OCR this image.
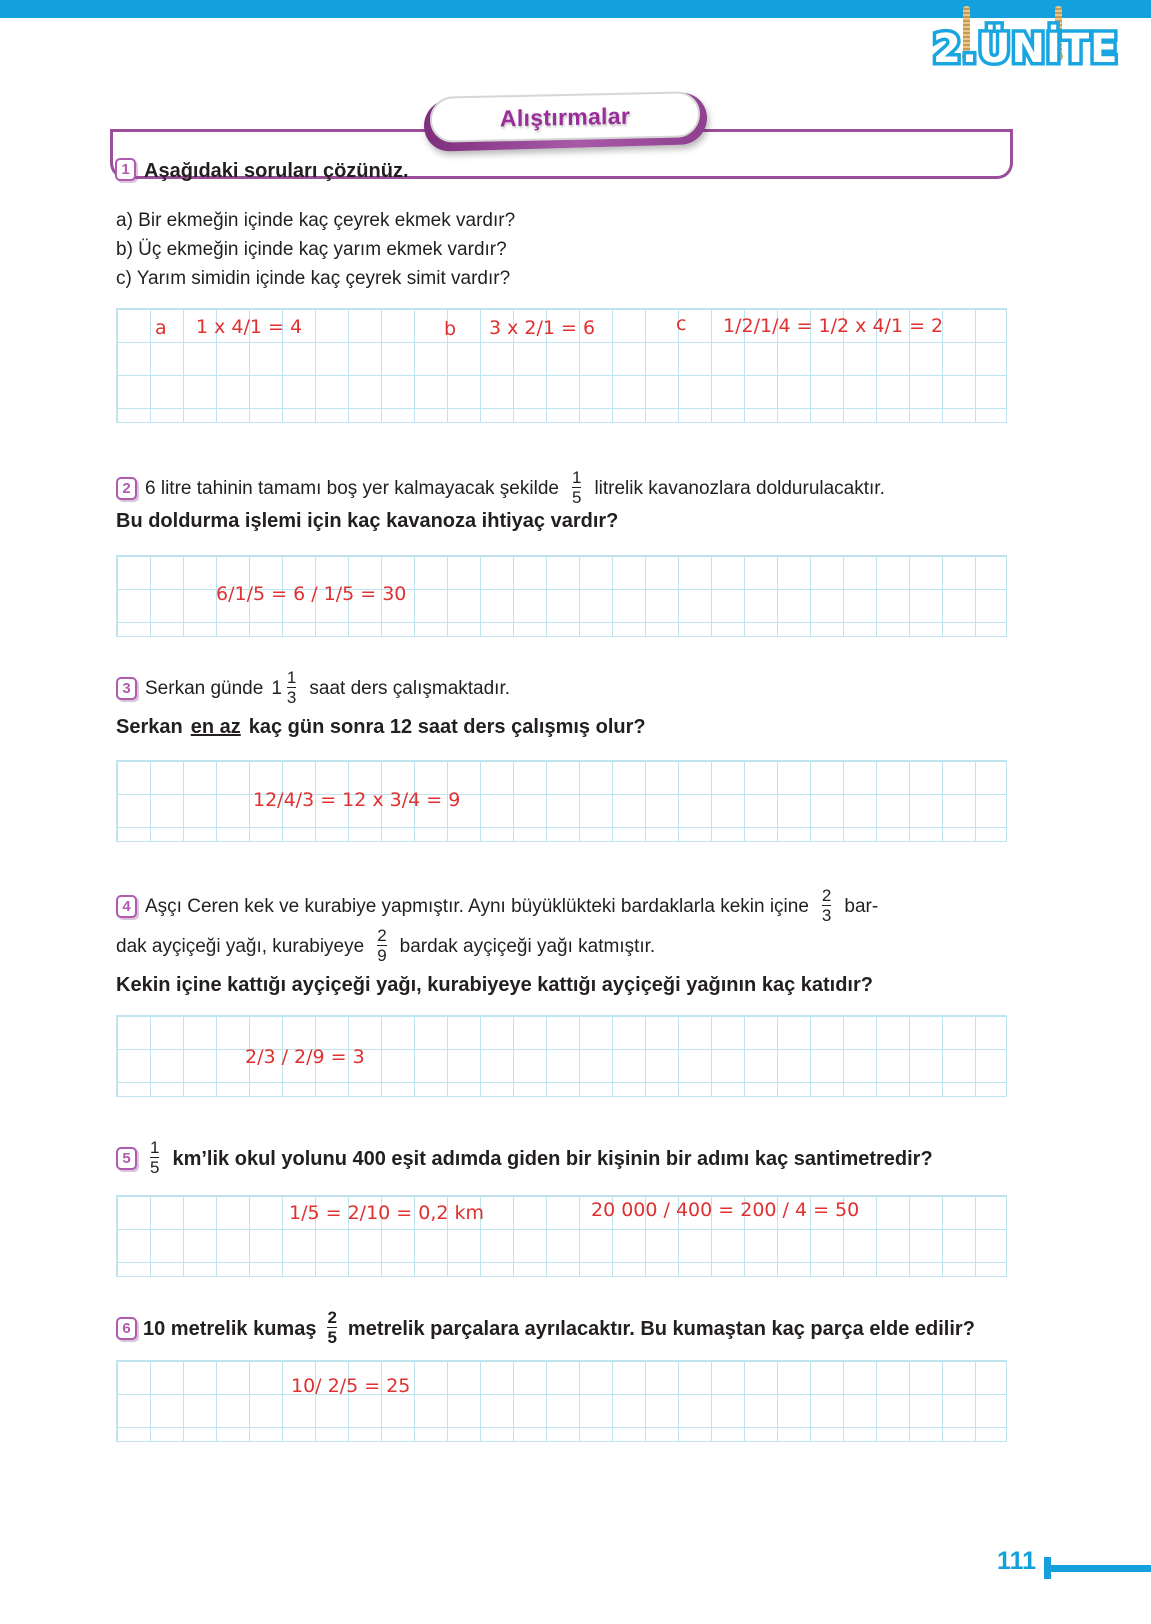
2.ÜNİTE
Alıştırmalar
1 Aşağıdaki soruları çözünüz.
a) Bir ekmeğin içinde kaç çeyrek ekmek vardır?
b) Üç ekmeğin içinde kaç yarım ekmek vardır?
c) Yarım simidin içinde kaç çeyrek simit vardır?
a 1 x 4/1 = 4	b 3 x 2/1 = 6	c 1/2/1/4 = 1/2 x 4/1 = 2
2 6 litre tahinin tamamı boş yer kalmayacak şekilde $\frac{1}{5}$ litrelik kavanozlara doldurulacaktır.
Bu doldurma işlemi için kaç kavanoza ihtiyaç vardır?
6/1/5 = 6 / 1/5 = 30
3 Serkan günde $1 \frac{1}{3}$ saat ders çalışmaktadır.
Serkan en az kaç gün sonra 12 saat ders çalışmış olur?
12/4/3 = 12 x 3/4 = 9
4 Aşçı Ceren kek ve kurabiye yapmıştır. Aynı büyüklükteki bardaklarla kekin içine $\frac{2}{3} bar-$
dak ayçiçeği yağı, kurabiyeye $\frac{2}{9}$ bardak ayçiçeği yağı katmıştır.
Kekin içine kattığı ayçiçeği yağı, kurabiyeye kattığı ayçiçeği yağının kaç katıdır?
2/3 / 2/9 = 3
5	$\frac{1}{5}$ km’lik okul yolunu 400 eşit adımda giden bir kişinin bir adımı kaç santimetredir?
1/5 = 2/10 = 0,2 km	20 000 / 400 = 200 / 4 = 50
6 10 metrelik kumaş $\frac{2}{5}$ metrelik parçalara ayrılacaktır. Bu kumaştan kaç parça elde edilir?
10/ 2/5 = 25
111
